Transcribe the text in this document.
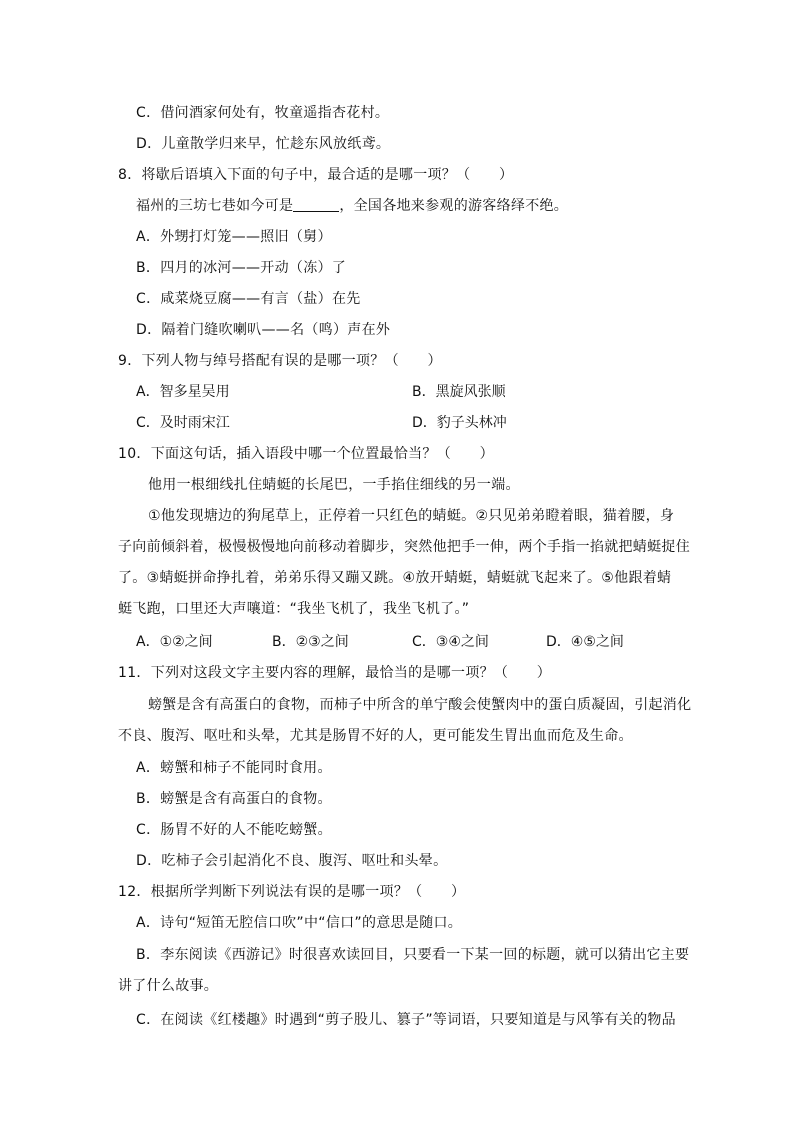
C．借问酒家何处有，牧童遥指杏花村。
D．儿童散学归来早，忙趁东风放纸鸢。
8．将歇后语填入下面的句子中，最合适的是哪一项？（　　）
福州的三坊七巷如今可是	，全国各地来参观的游客络绎不绝。
A．外甥打灯笼——照旧（舅）
B．四月的冰河——开动（冻）了
C．咸菜烧豆腐——有言（盐）在先
D．隔着门缝吹喇叭——名（鸣）声在外
9．下列人物与绰号搭配有误的是哪一项？（　　）
A．智多星吴用	B．黑旋风张顺
C．及时雨宋江	D．豹子头林冲
10．下面这句话，插入语段中哪一个位置最恰当？（　　）
他用一根细线扎住蜻蜓的长尾巴，一手掐住细线的另一端。
①他发现塘边的狗尾草上，正停着一只红色的蜻蜓。②只见弟弟瞪着眼，猫着腰，身
子向前倾斜着，极慢极慢地向前移动着脚步，突然他把手一伸，两个手指一掐就把蜻蜓捉住
了。③蜻蜓拼命挣扎着，弟弟乐得又蹦又跳。④放开蜻蜓，蜻蜓就飞起来了。⑤他跟着蜻
蜓飞跑，口里还大声嚷道：“我坐飞机了，我坐飞机了。”
A．①②之间	B．②③之间	C．③④之间	D．④⑤之间
11．下列对这段文字主要内容的理解，最恰当的是哪一项？（　　）
螃蟹是含有高蛋白的食物，而柿子中所含的单宁酸会使蟹肉中的蛋白质凝固，引起消化
不良、腹泻、呕吐和头晕，尤其是肠胃不好的人，更可能发生胃出血而危及生命。
A．螃蟹和柿子不能同时食用。
B．螃蟹是含有高蛋白的食物。
C．肠胃不好的人不能吃螃蟹。
D．吃柿子会引起消化不良、腹泻、呕吐和头晕。
12．根据所学判断下列说法有误的是哪一项？（　　）
A．诗句“短笛无腔信口吹”中“信口”的意思是随口。
B．李东阅读《西游记》时很喜欢读回目，只要看一下某一回的标题，就可以猜出它主要
讲了什么故事。
C．在阅读《红楼趣》时遇到“剪子股儿、篡子”等词语，只要知道是与风筝有关的物品
